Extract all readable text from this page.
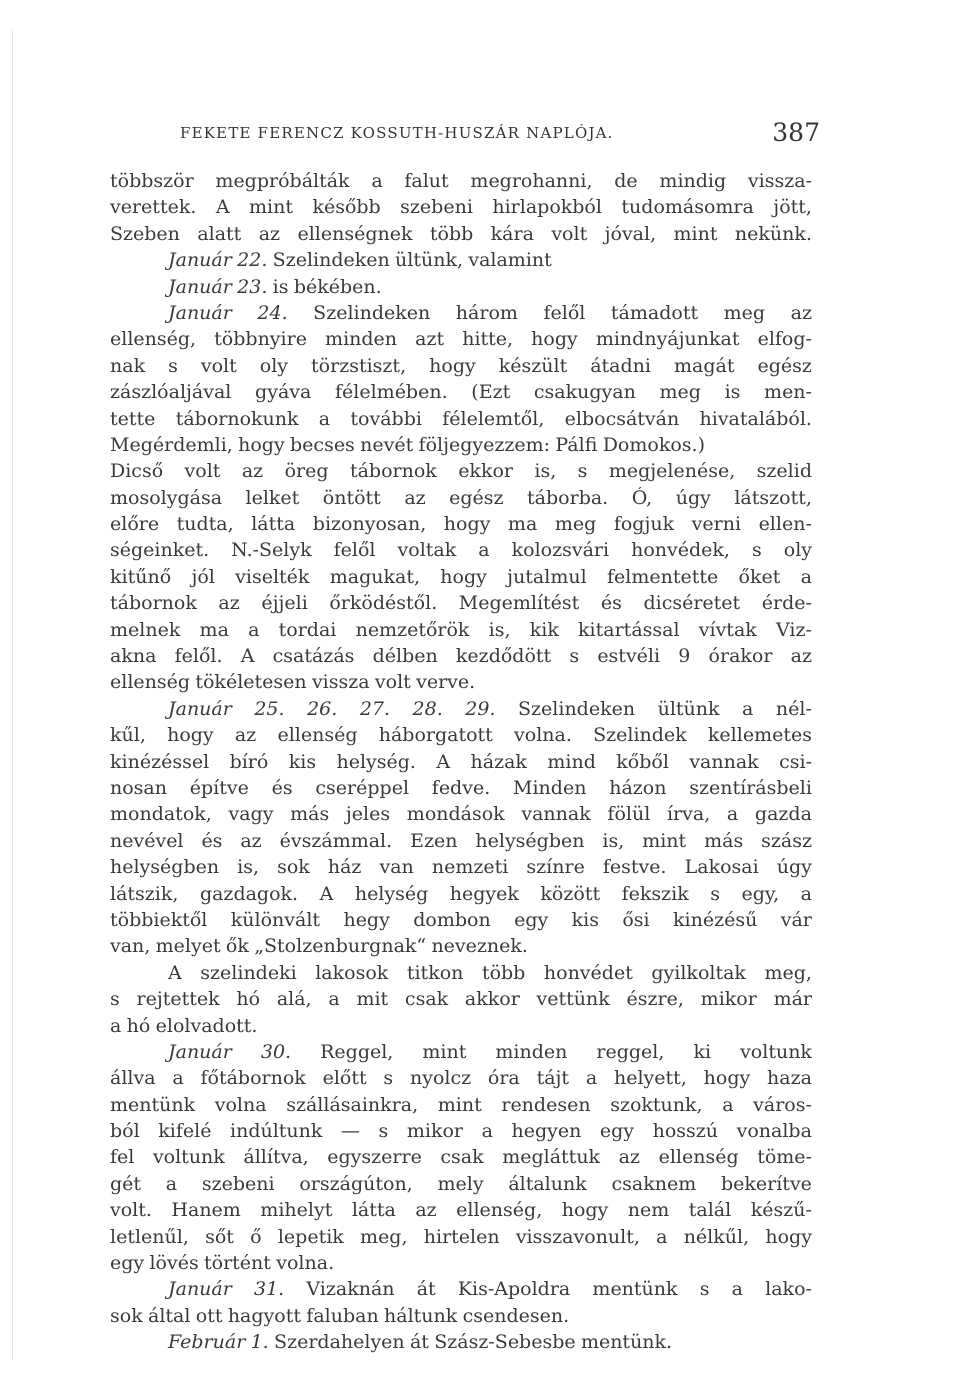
FEKETE FERENCZ KOSSUTH-HUSZÁR NAPLÓJA.	387
többször megpróbálták a falut megrohanni, de mindig vissza-
verettek. A mint később szebeni hirlapokból tudomásomra jött,
Szeben alatt az ellenségnek több kára volt jóval, mint nekünk.
Január 22. Szelindeken ültünk, valamint
Január 23. is békében.
Január 24. Szelindeken három felől támadott meg az
ellenség, többnyire minden azt hitte, hogy mindnyájunkat elfog-
nak s volt oly törzstiszt, hogy készült átadni magát egész
zászlóaljával gyáva félelmében. (Ezt csakugyan meg is men-
tette tábornokunk a további félelemtől, elbocsátván hivatalából.
Megérdemli, hogy becses nevét följegyezzem: Pálfi Domokos.)
Dicső volt az öreg tábornok ekkor is, s megjelenése, szelid
mosolygása lelket öntött az egész táborba. Ó, úgy látszott,
előre tudta, látta bizonyosan, hogy ma meg fogjuk verni ellen-
ségeinket. N.-Selyk felől voltak a kolozsvári honvédek, s oly
kitűnő jól viselték magukat, hogy jutalmul felmentette őket a
tábornok az éjjeli őrködéstől. Megemlítést és dicséretet érde-
melnek ma a tordai nemzetőrök is, kik kitartással vívtak Viz-
akna felől. A csatázás délben kezdődött s estvéli 9 órakor az
ellenség tökéletesen vissza volt verve.
Január 25. 26. 27. 28. 29. Szelindeken ültünk a nél-
kűl, hogy az ellenség háborgatott volna. Szelindek kellemetes
kinézéssel bíró kis helység. A házak mind kőből vannak csi-
nosan építve és cseréppel fedve. Minden házon szentírásbeli
mondatok, vagy más jeles mondások vannak fölül írva, a gazda
nevével és az évszámmal. Ezen helységben is, mint más szász
helységben is, sok ház van nemzeti színre festve. Lakosai úgy
látszik, gazdagok. A helység hegyek között fekszik s egy, a
többiektől különvált hegy dombon egy kis ősi kinézésű vár
van, melyet ők „Stolzenburgnak“ neveznek.
A szelindeki lakosok titkon több honvédet gyilkoltak meg,
s rejtettek hó alá, a mit csak akkor vettünk észre, mikor már
a hó elolvadott.
Január 30. Reggel, mint minden reggel, ki voltunk
állva a főtábornok előtt s nyolcz óra tájt a helyett, hogy haza
mentünk volna szállásainkra, mint rendesen szoktunk, a város-
ból kifelé indúltunk — s mikor a hegyen egy hosszú vonalba
fel voltunk állítva, egyszerre csak megláttuk az ellenség töme-
gét a szebeni országúton, mely általunk csaknem bekerítve
volt. Hanem mihelyt látta az ellenség, hogy nem talál készű-
letlenűl, sőt ő lepetik meg, hirtelen visszavonult, a nélkűl, hogy
egy lövés történt volna.
Január 31. Vizaknán át Kis-Apoldra mentünk s a lako-
sok által ott hagyott faluban háltunk csendesen.
Február 1. Szerdahelyen át Szász-Sebesbe mentünk.
